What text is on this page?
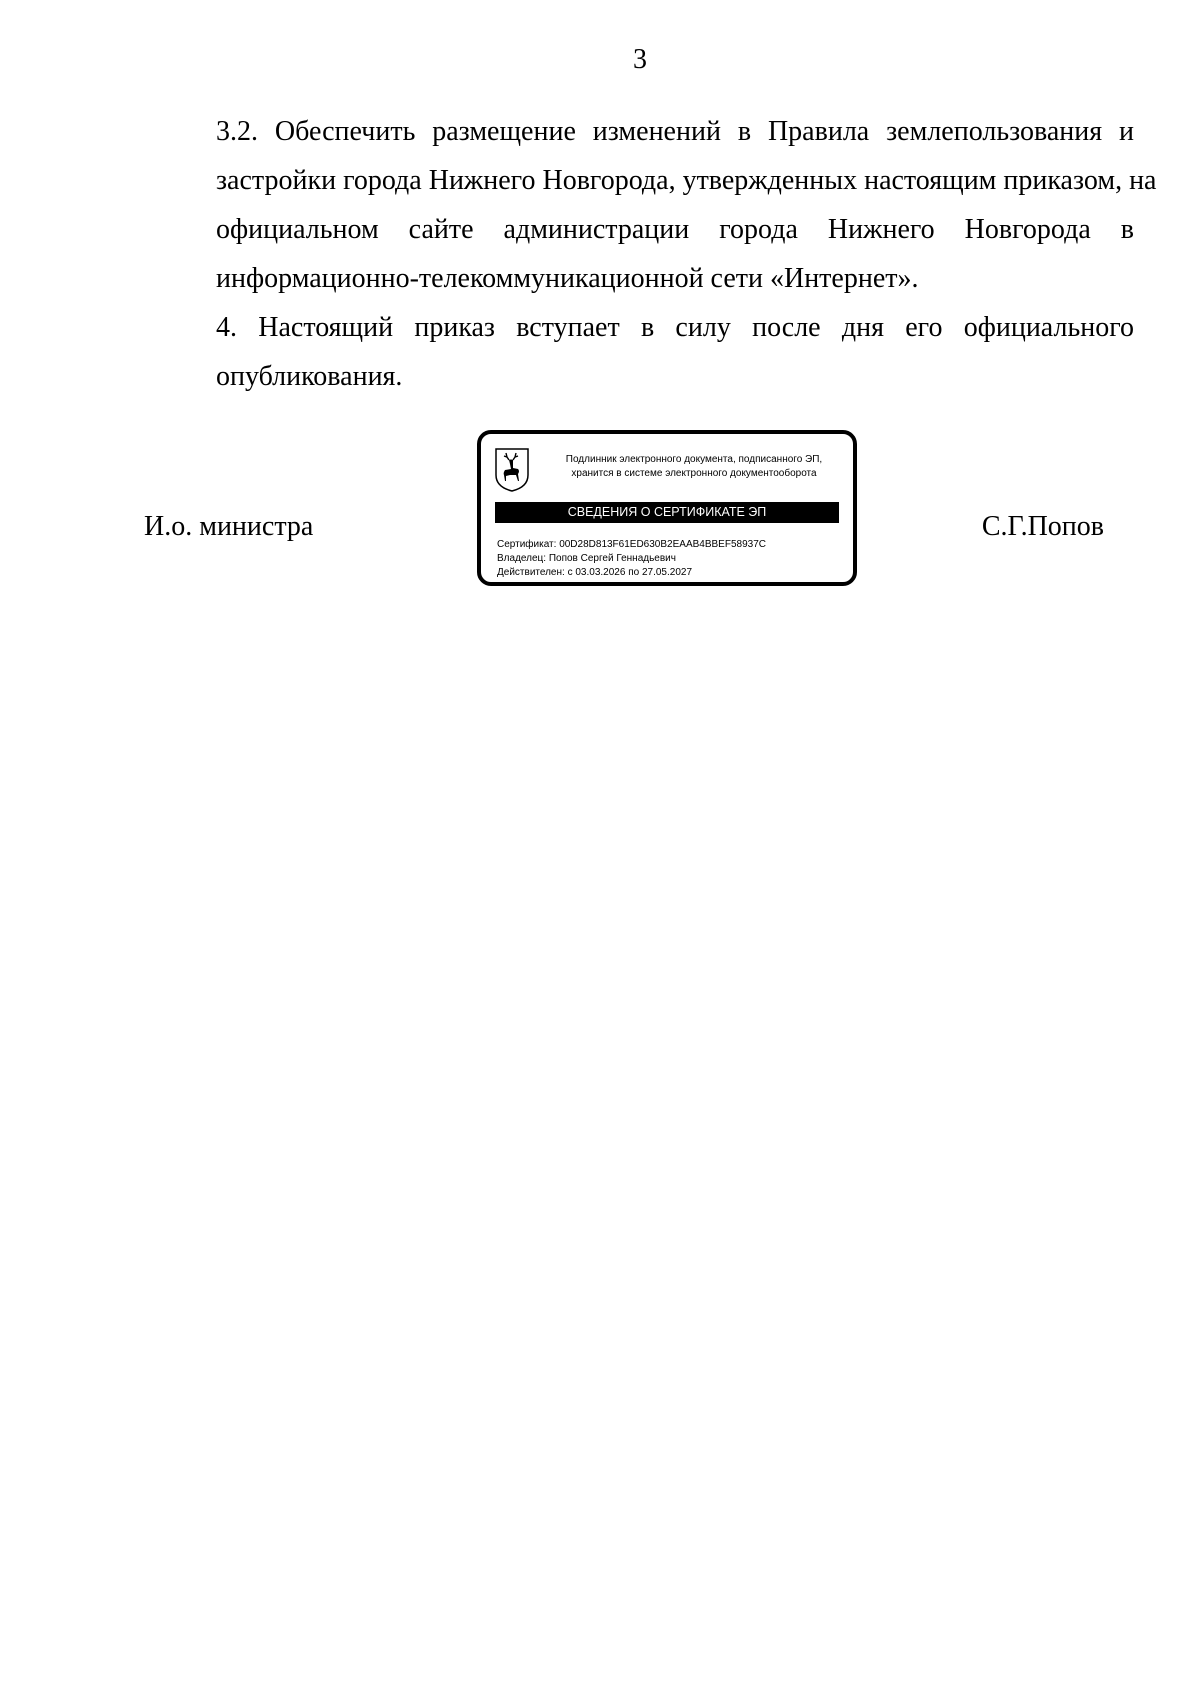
3

3.2. Обеспечить размещение изменений в Правила землепользования и
застройки города Нижнего Новгорода, утвержденных настоящим приказом, на
официальном сайте администрации города Нижнего Новгорода в
информационно-телекоммуникационной сети «Интернет».

4. Настоящий приказ вступает в силу после дня его официального
опубликования.

И.о. министра	С.Г.Попов
Подлинник электронного документа, подписанного ЭП,
хранится в системе электронного документооборота
СВЕДЕНИЯ О СЕРТИФИКАТЕ ЭП
Сертификат: 00D28D813F61ED630B2EAAB4BBEF58937C
Владелец: Попов Сергей Геннадьевич
Действителен: с 03.03.2026 по 27.05.2027
